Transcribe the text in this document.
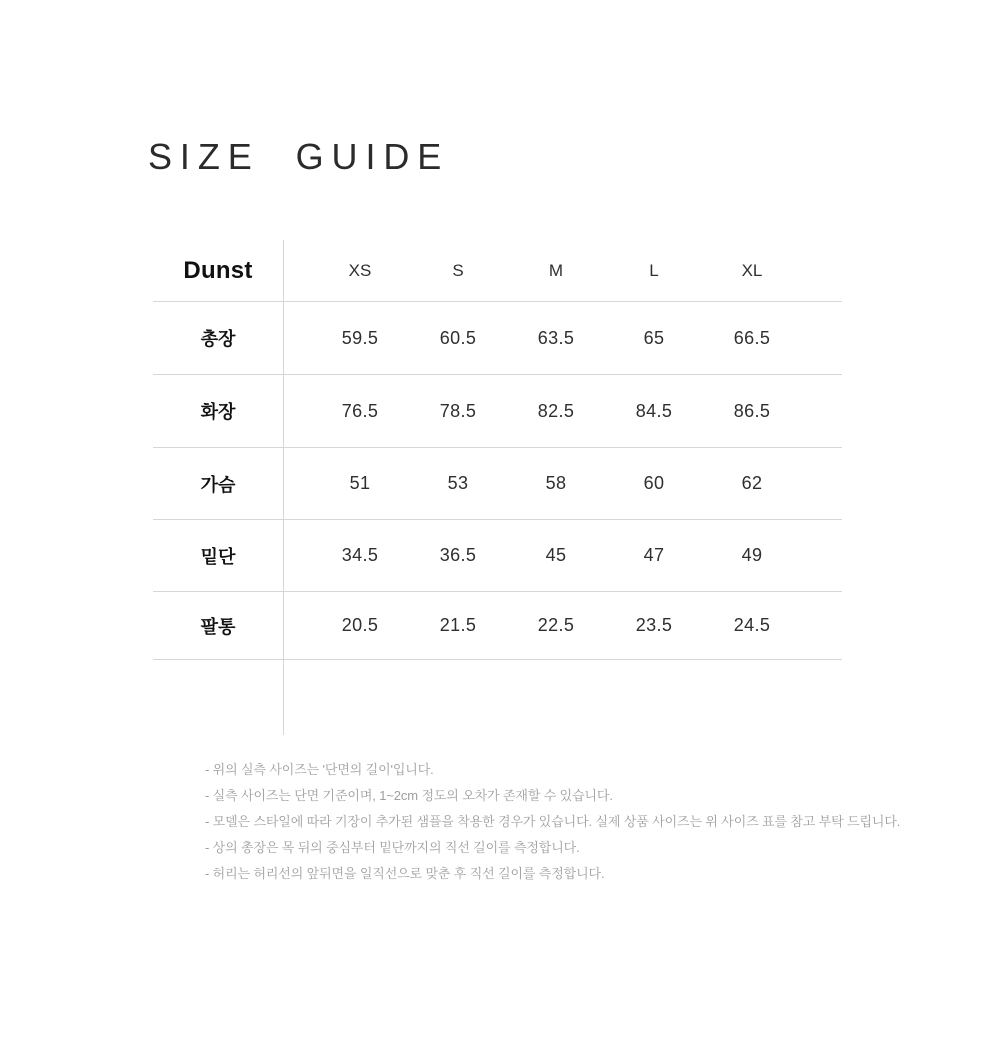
SIZE GUIDE
Dunst	XS	S	M	L	XL
총장	59.5	60.5	63.5	65	66.5
화장	76.5	78.5	82.5	84.5	86.5
가슴	51	53	58	60	62
밑단	34.5	36.5	45	47	49
팔통	20.5	21.5	22.5	23.5	24.5
- 위의 실측 사이즈는 '단면의 길이'입니다.
- 실측 사이즈는 단면 기준이며, 1~2cm 정도의 오차가 존재할 수 있습니다.
- 모델은 스타일에 따라 기장이 추가된 샘플을 착용한 경우가 있습니다. 실제 상품 사이즈는 위 사이즈 표를 참고 부탁 드립니다.
- 상의 총장은 목 뒤의 중심부터 밑단까지의 직선 길이를 측정합니다.
- 허리는 허리선의 앞뒤면을 일직선으로 맞춘 후 직선 길이를 측정합니다.
